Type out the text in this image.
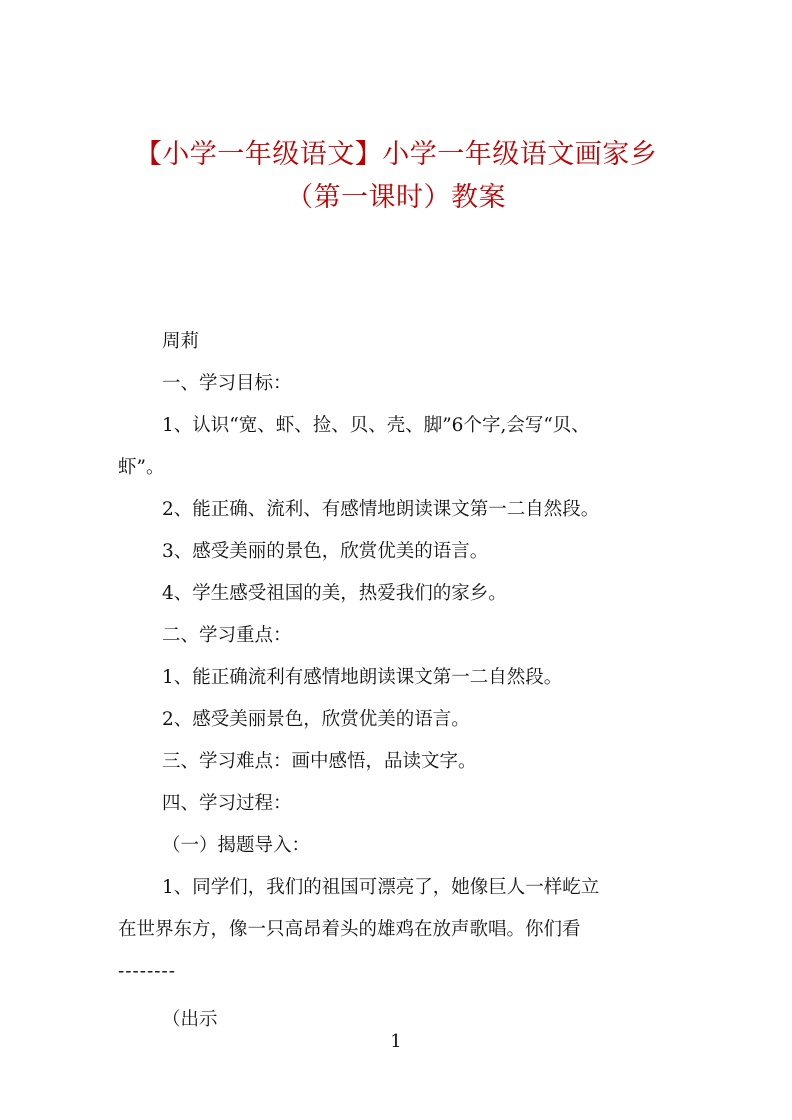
【小学一年级语文】小学一年级语文画家乡
（第一课时）教案
周莉
一、学习目标：
1、认识“宽、虾、捡、贝、壳、脚”6个字,会写“贝、
虾”。
2、能正确、流利、有感情地朗读课文第一二自然段。
3、感受美丽的景色，欣赏优美的语言。
4、学生感受祖国的美，热爱我们的家乡。
二、学习重点：
1、能正确流利有感情地朗读课文第一二自然段。
2、感受美丽景色，欣赏优美的语言。
三、学习难点：画中感悟，品读文字。
四、学习过程：
（一）揭题导入：
1、同学们，我们的祖国可漂亮了，她像巨人一样屹立
在世界东方，像一只高昂着头的雄鸡在放声歌唱。你们看
--------
（出示
1
